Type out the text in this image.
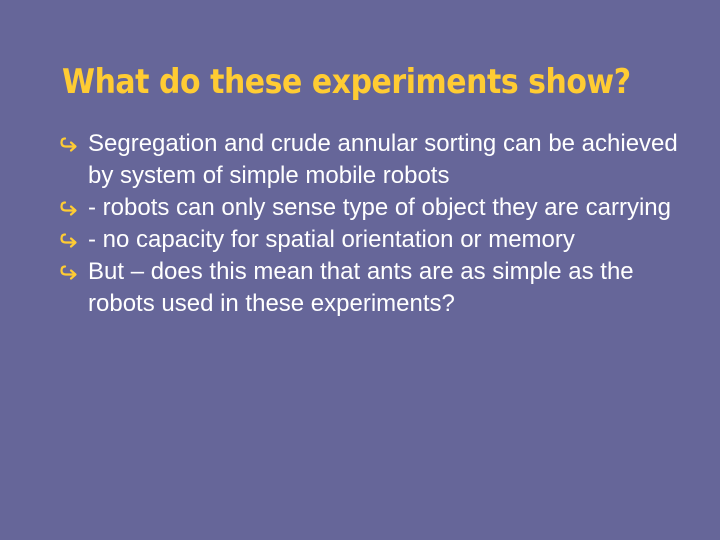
What do these experiments show?
Segregation and crude annular sorting can be achieved by system of simple mobile robots
- robots can only sense type of object they are carrying
- no capacity for spatial orientation or memory
But – does this mean that ants are as simple as the robots used in these experiments?
